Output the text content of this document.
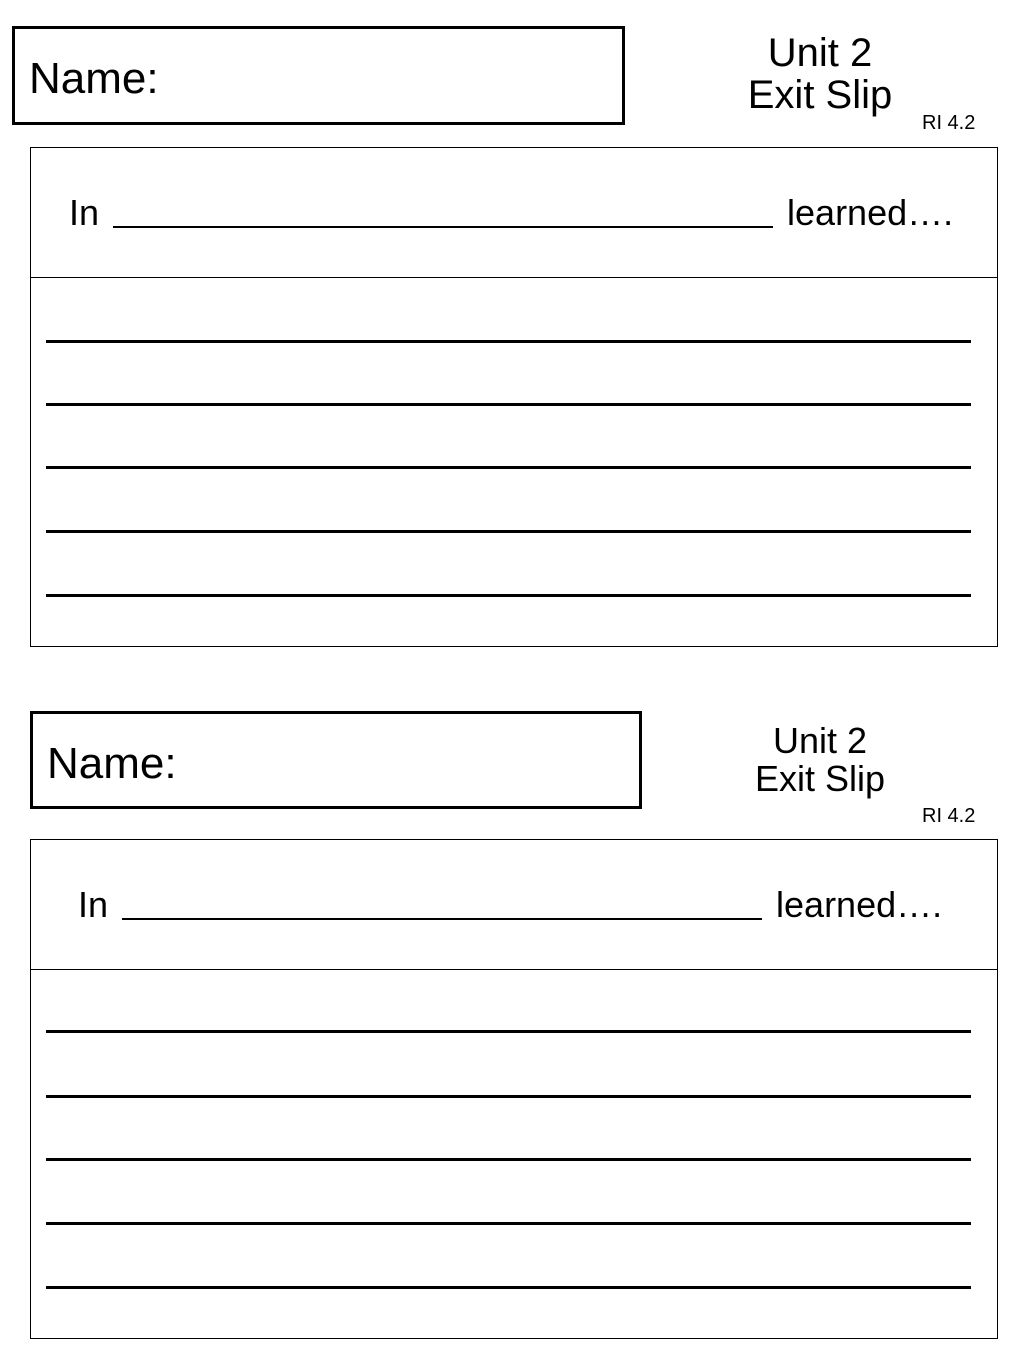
Name:
Unit 2
Exit Slip
RI 4.2
In	learned….
Name:	Unit 2
Exit Slip
RI 4.2
In	learned….
